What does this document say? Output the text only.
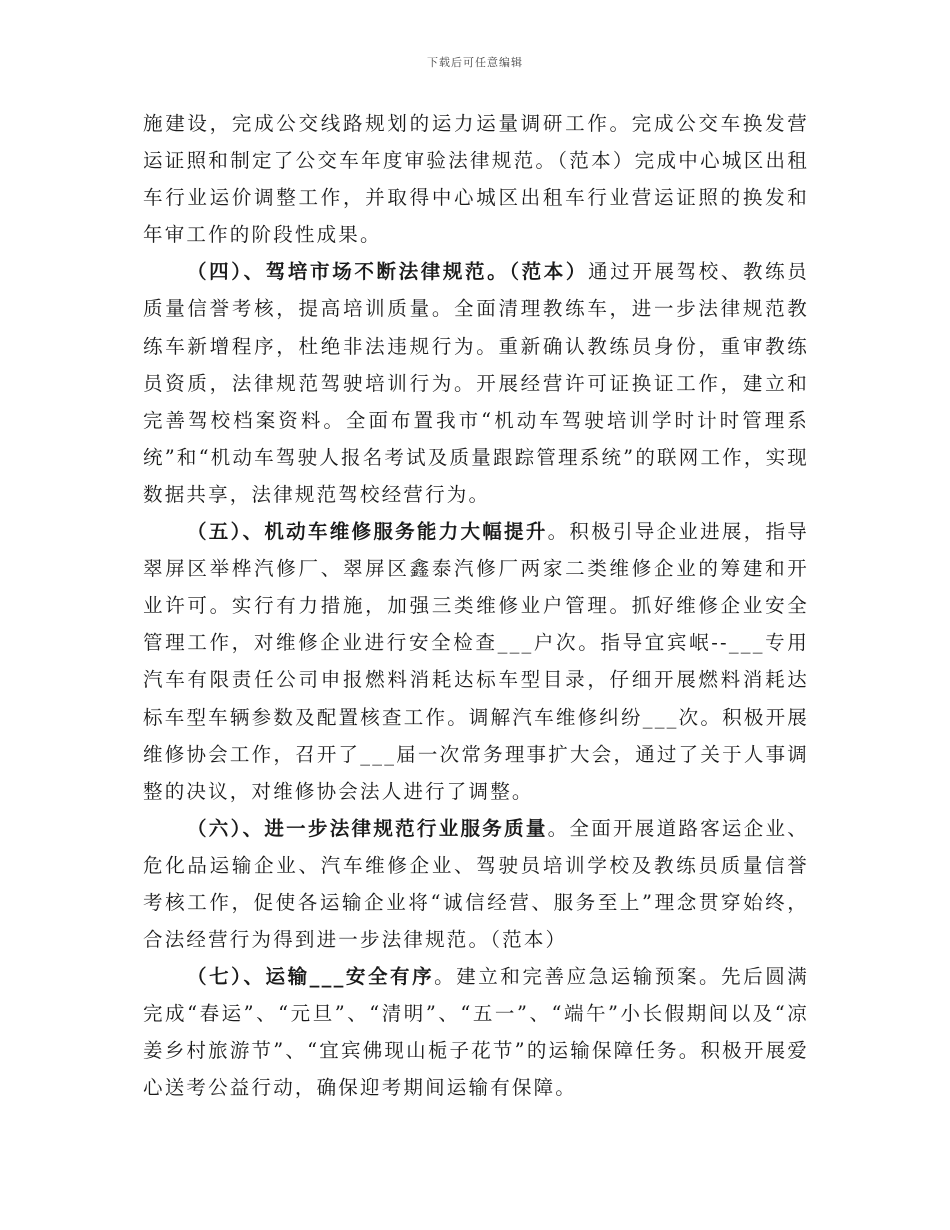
下载后可任意编辑

施建设，完成公交线路规划的运力运量调研工作。完成公交车换发营运证照和制定了公交车年度审验法律规范。（范本）完成中心城区出租车行业运价调整工作，并取得中心城区出租车行业营运证照的换发和年审工作的阶段性成果。

（四）、驾培市场不断法律规范。（范本）通过开展驾校、教练员质量信誉考核，提高培训质量。全面清理教练车，进一步法律规范教练车新增程序，杜绝非法违规行为。重新确认教练员身份，重审教练员资质，法律规范驾驶培训行为。开展经营许可证换证工作，建立和完善驾校档案资料。全面布置我市“机动车驾驶培训学时计时管理系统”和“机动车驾驶人报名考试及质量跟踪管理系统”的联网工作，实现数据共享，法律规范驾校经营行为。

（五）、机动车维修服务能力大幅提升。积极引导企业进展，指导翠屏区举桦汽修厂、翠屏区鑫泰汽修厂两家二类维修企业的筹建和开业许可。实行有力措施，加强三类维修业户管理。抓好维修企业安全管理工作，对维修企业进行安全检查___户次。指导宜宾岷--___专用汽车有限责任公司申报燃料消耗达标车型目录，仔细开展燃料消耗达标车型车辆参数及配置核查工作。调解汽车维修纠纷___次。积极开展维修协会工作，召开了___届一次常务理事扩大会，通过了关于人事调整的决议，对维修协会法人进行了调整。

（六）、进一步法律规范行业服务质量。全面开展道路客运企业、危化品运输企业、汽车维修企业、驾驶员培训学校及教练员质量信誉考核工作，促使各运输企业将“诚信经营、服务至上”理念贯穿始终，合法经营行为得到进一步法律规范。（范本）

（七）、运输___安全有序。建立和完善应急运输预案。先后圆满完成“春运”、“元旦”、“清明”、“五一”、“端午”小长假期间以及“凉姜乡村旅游节”、“宜宾佛现山栀子花节”的运输保障任务。积极开展爱心送考公益行动，确保迎考期间运输有保障。
